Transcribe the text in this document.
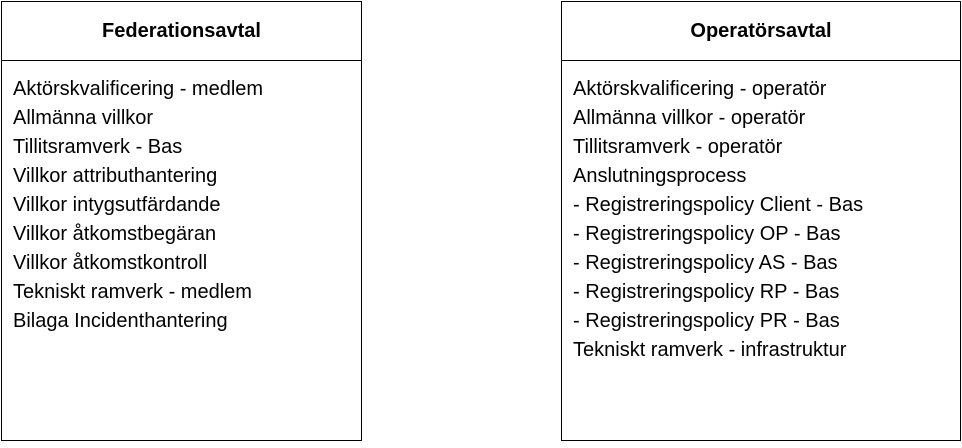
Federationsavtal
Aktörskvalificering - medlem
Allmänna villkor
Tillitsramverk - Bas
Villkor attributhantering
Villkor intygsutfärdande
Villkor åtkomstbegäran
Villkor åtkomstkontroll
Tekniskt ramverk - medlem
Bilaga Incidenthantering
Operatörsavtal
Aktörskvalificering - operatör
Allmänna villkor - operatör
Tillitsramverk - operatör
Anslutningsprocess
- Registreringspolicy Client - Bas
- Registreringspolicy OP - Bas
- Registreringspolicy AS - Bas
- Registreringspolicy RP - Bas
- Registreringspolicy PR - Bas
Tekniskt ramverk - infrastruktur
